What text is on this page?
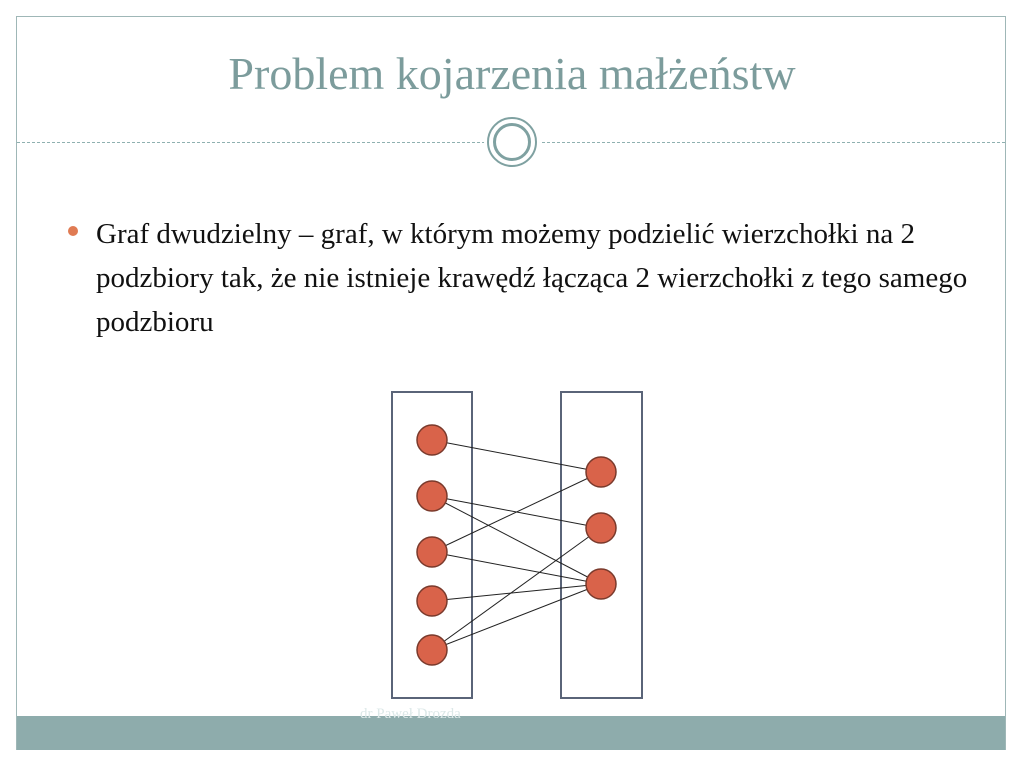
Problem kojarzenia małżeństw
Graf dwudzielny – graf, w którym możemy podzielić wierzchołki na 2 podzbiory tak, że nie istnieje krawędź łącząca 2 wierzchołki z tego samego podzbioru
dr Paweł Drozda
